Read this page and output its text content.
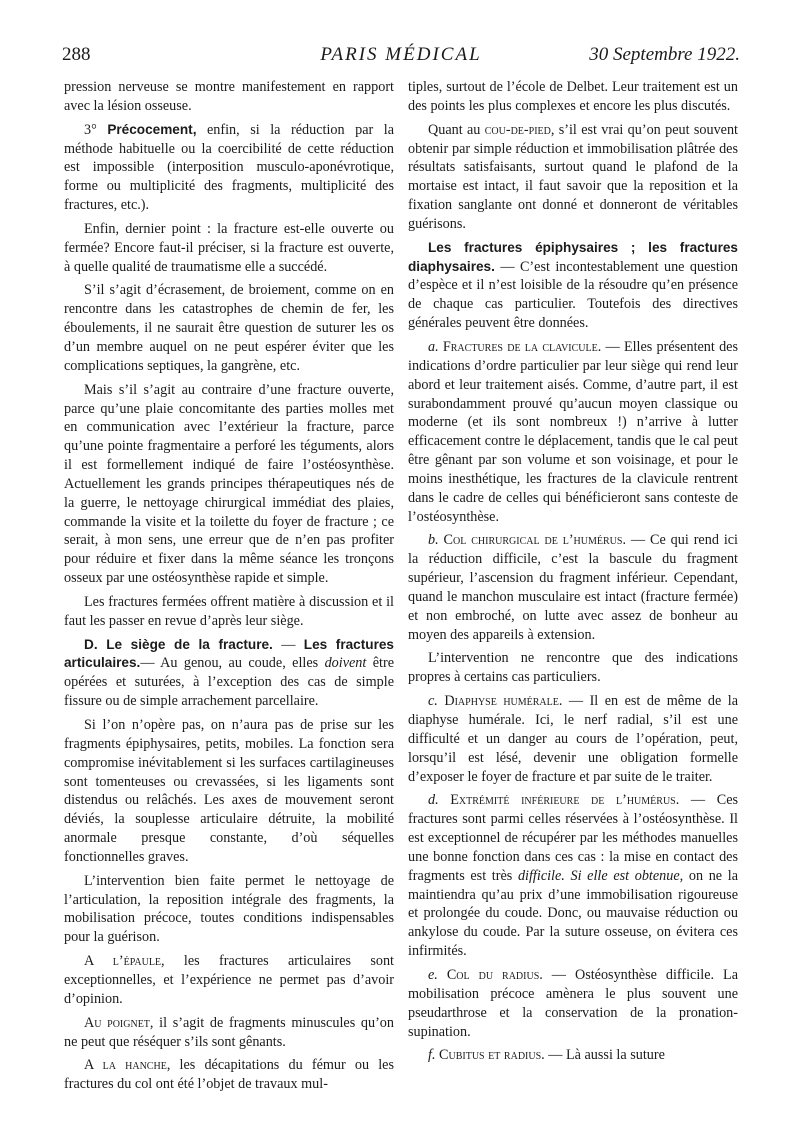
288	PARIS MÉDICAL	30 Septembre 1922.

pression nerveuse se montre manifestement en rapport avec la lésion osseuse.

3° Précocement, enfin, si la réduction par la méthode habituelle ou la coercibilité de cette réduction est impossible (interposition musculo-aponévrotique, forme ou multiplicité des fragments, multiplicité des fractures, etc.).

Enfin, dernier point : la fracture est-elle ouverte ou fermée? Encore faut-il préciser, si la fracture est ouverte, à quelle qualité de traumatisme elle a succédé.

S’il s’agit d’écrasement, de broiement, comme on en rencontre dans les catastrophes de chemin de fer, les éboulements, il ne saurait être question de suturer les os d’un membre auquel on ne peut espérer éviter que les complications septiques, la gangrène, etc.

Mais s’il s’agit au contraire d’une fracture ouverte, parce qu’une plaie concomitante des parties molles met en communication avec l’extérieur la fracture, parce qu’une pointe fragmentaire a perforé les téguments, alors il est formellement indiqué de faire l’ostéosynthèse. Actuellement les grands principes thérapeutiques nés de la guerre, le nettoyage chirurgical immédiat des plaies, commande la visite et la toilette du foyer de fracture ; ce serait, à mon sens, une erreur que de n’en pas profiter pour réduire et fixer dans la même séance les tronçons osseux par une ostéosynthèse rapide et simple.

Les fractures fermées offrent matière à discussion et il faut les passer en revue d’après leur siège.

D. Le siège de la fracture. — Les fractures articulaires.— Au genou, au coude, elles doivent être opérées et suturées, à l’exception des cas de simple fissure ou de simple arrachement parcellaire.

Si l’on n’opère pas, on n’aura pas de prise sur les fragments épiphysaires, petits, mobiles. La fonction sera compromise inévitablement si les surfaces cartilagineuses sont tomenteuses ou crevassées, si les ligaments sont distendus ou relâchés. Les axes de mouvement seront déviés, la souplesse articulaire détruite, la mobilité anormale presque constante, d’où séquelles fonctionnelles graves.

L’intervention bien faite permet le nettoyage de l’articulation, la reposition intégrale des fragments, la mobilisation précoce, toutes conditions indispensables pour la guérison.

A l’épaule, les fractures articulaires sont exceptionnelles, et l’expérience ne permet pas d’avoir d’opinion.

Au poignet, il s’agit de fragments minuscules qu’on ne peut que réséquer s’ils sont gênants.

A la hanche, les décapitations du fémur ou les fractures du col ont été l’objet de travaux mul-

tiples, surtout de l’école de Delbet. Leur traitement est un des points les plus complexes et encore les plus discutés.

Quant au cou-de-pied, s’il est vrai qu’on peut souvent obtenir par simple réduction et immobilisation plâtrée des résultats satisfaisants, surtout quand le plafond de la mortaise est intact, il faut savoir que la reposition et la fixation sanglante ont donné et donneront de véritables guérisons.

Les fractures épiphysaires ; les fractures diaphysaires. — C’est incontestablement une question d’espèce et il n’est loisible de la résoudre qu’en présence de chaque cas particulier. Toutefois des directives générales peuvent être données.

a. Fractures de la clavicule. — Elles présentent des indications d’ordre particulier par leur siège qui rend leur abord et leur traitement aisés. Comme, d’autre part, il est surabondamment prouvé qu’aucun moyen classique ou moderne (et ils sont nombreux !) n’arrive à lutter efficacement contre le déplacement, tandis que le cal peut être gênant par son volume et son voisinage, et pour le moins inesthétique, les fractures de la clavicule rentrent dans le cadre de celles qui bénéficieront sans conteste de l’ostéosynthèse.

b. Col chirurgical de l’humérus. — Ce qui rend ici la réduction difficile, c’est la bascule du fragment supérieur, l’ascension du fragment inférieur. Cependant, quand le manchon musculaire est intact (fracture fermée) et non embroché, on lutte avec assez de bonheur au moyen des appareils à extension.

L’intervention ne rencontre que des indications propres à certains cas particuliers.

c. Diaphyse humérale. — Il en est de même de la diaphyse humérale. Ici, le nerf radial, s’il est une difficulté et un danger au cours de l’opération, peut, lorsqu’il est lésé, devenir une obligation formelle d’exposer le foyer de fracture et par suite de le traiter.

d. Extrémité inférieure de l’humérus. — Ces fractures sont parmi celles réservées à l’ostéosynthèse. Il est exceptionnel de récupérer par les méthodes manuelles une bonne fonction dans ces cas : la mise en contact des fragments est très difficile. Si elle est obtenue, on ne la maintiendra qu’au prix d’une immobilisation rigoureuse et prolongée du coude. Donc, ou mauvaise réduction ou ankylose du coude. Par la suture osseuse, on évitera ces infirmités.

e. Col du radius. — Ostéosynthèse difficile. La mobilisation précoce amènera le plus souvent une pseudarthrose et la conservation de la pronation-supination.

f. Cubitus et radius. — Là aussi la suture
